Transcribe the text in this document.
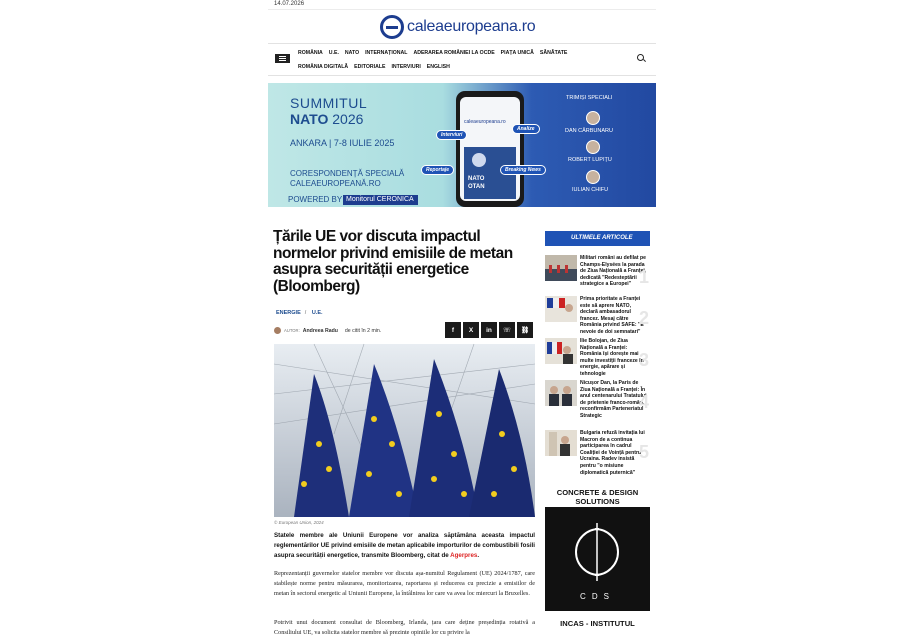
14.07.2026
caleaeuropeana.ro
ROMÂNIA U.E. NATO INTERNAȚIONAL ADERAREA ROMÂNIEI LA OCDE PIAȚA UNICĂ SĂNĂTATE
ROMÂNIA DIGITALĂ EDITORIALE INTERVIURI ENGLISH
SUMMITUL
NATO 2026
ANKARA | 7-8 IULIE 2025
CORESPONDENȚĂ SPECIALĂ
CALEAEUROPEANĂ.RO
POWERED BY Monitorul CERONICA
caleaeuropeana.ro
NATO
OTAN
Interviuri
Analize
Reportaje	Breaking News
TRIMIȘI SPECIALI
DAN CĂRBUNARU
ROBERT LUPIȚU
IULIAN CHIFU
Țările UE vor discuta impactul normelor privind emisiile de metan asupra securității energetice (Bloomberg)
ENERGIE / U.E.
AUTOR: Andreea Radu de citit în 2 min.	f	X	in	☏	⛓
© European Union, 2024

Statele membre ale Uniunii Europene vor analiza săptămâna aceasta impactul reglementărilor UE privind emisiile de metan aplicabile importurilor de combustibili fosili asupra securității energetice, transmite Bloomberg, citat de Agerpres.

Reprezentanții guvernelor statelor membre vor discuta așa-numitul Regulament (UE) 2024/1787, care stabilește norme pentru măsurarea, monitorizarea, raportarea și reducerea cu precizie a emisiilor de metan în sectorul energetic al Uniunii Europene, la întâlnirea lor care va avea loc miercuri la Bruxelles.

Potrivit unui document consultat de Bloomberg, Irlanda, țara care deține președinția rotativă a Consiliului UE, va solicita statelor membre să prezinte opiniile lor cu privire la

ULTIMELE ARTICOLE
Militari români au defilat pe Champs-Elysées la parada de Ziua Națională a Franței, dedicată "Redesteptării strategice a Europei" 1
Prima prioritate a Franței este să aprere NATO, declară ambasadorul francez. Mesaj către România privind SAFE: "E nevoie de doi semnatari"
2
Ilie Bolojan, de Ziua Națională a Franței: România își dorește mai multe investiții franceze în energie, apărare și tehnologie
3
Nicușor Dan, la Paris de Ziua Națională a Franței: În anul centenarului Tratatului de prietenie franco-român, reconfirmăm Parteneriatul Strategic
4
Bulgaria refuză invitația lui Macron de a continua participarea în cadrul Coaliției de Voință pentru Ucraina. Radev insistă pentru "o misiune diplomatică puternică"
5
CONCRETE & DESIGN SOLUTIONS
CDS
INCAS - INSTITUTUL
